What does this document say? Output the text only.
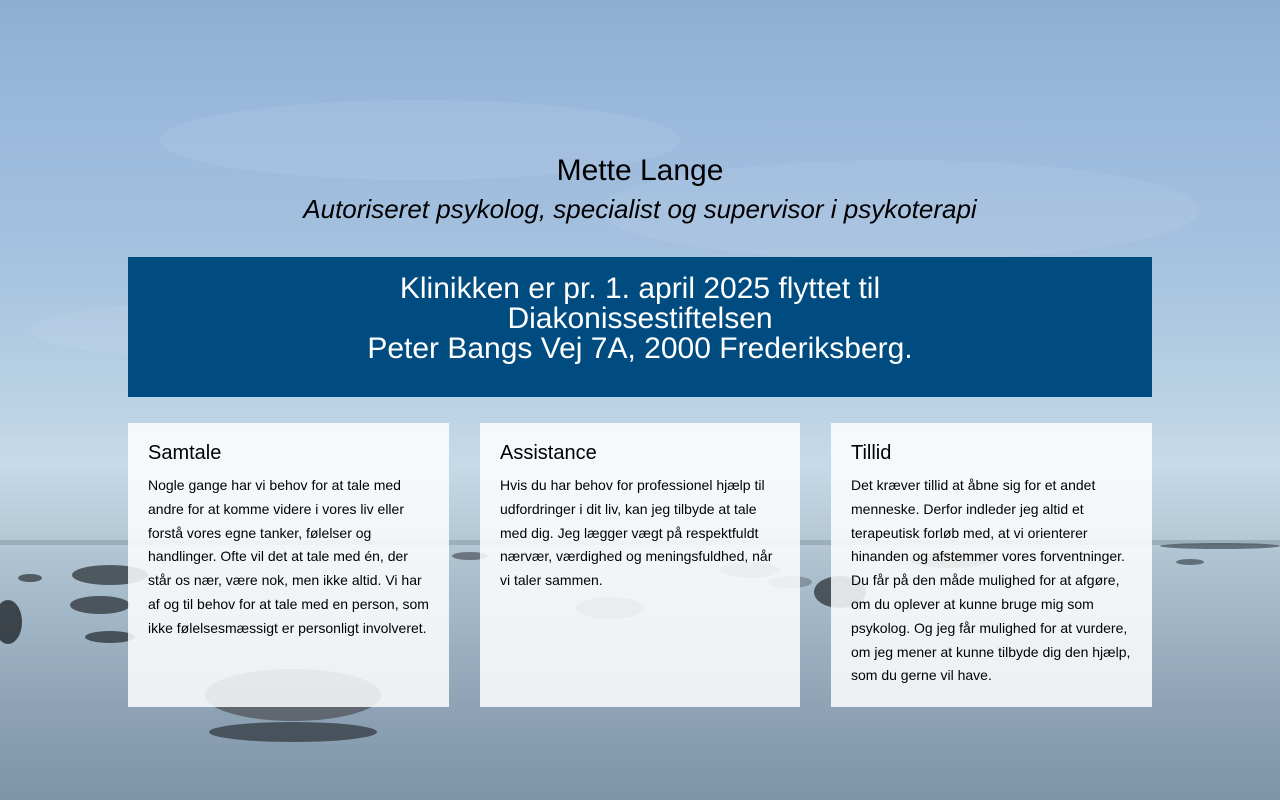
Mette Lange
Autoriseret psykolog, specialist og supervisor i psykoterapi
Klinikken er pr. 1. april 2025 flyttet til
Diakonissestiftelsen
Peter Bangs Vej 7A, 2000 Frederiksberg.
Samtale

Nogle gange har vi behov for at tale med andre for at komme videre i vores liv eller forstå vores egne tanker, følelser og handlinger. Ofte vil det at tale med én, der står os nær, være nok, men ikke altid. Vi har af og til behov for at tale med en person, som ikke følelsesmæssigt er personligt involveret.

Assistance

Hvis du har behov for professionel hjælp til udfordringer i dit liv, kan jeg tilbyde at tale med dig. Jeg lægger vægt på respektfuldt nærvær, værdighed og meningsfuldhed, når vi taler sammen.

Tillid

Det kræver tillid at åbne sig for et andet menneske. Derfor indleder jeg altid et terapeutisk forløb med, at vi orienterer hinanden og afstemmer vores forventninger. Du får på den måde mulighed for at afgøre, om du oplever at kunne bruge mig som psykolog. Og jeg får mulighed for at vurdere, om jeg mener at kunne tilbyde dig den hjælp, som du gerne vil have.
